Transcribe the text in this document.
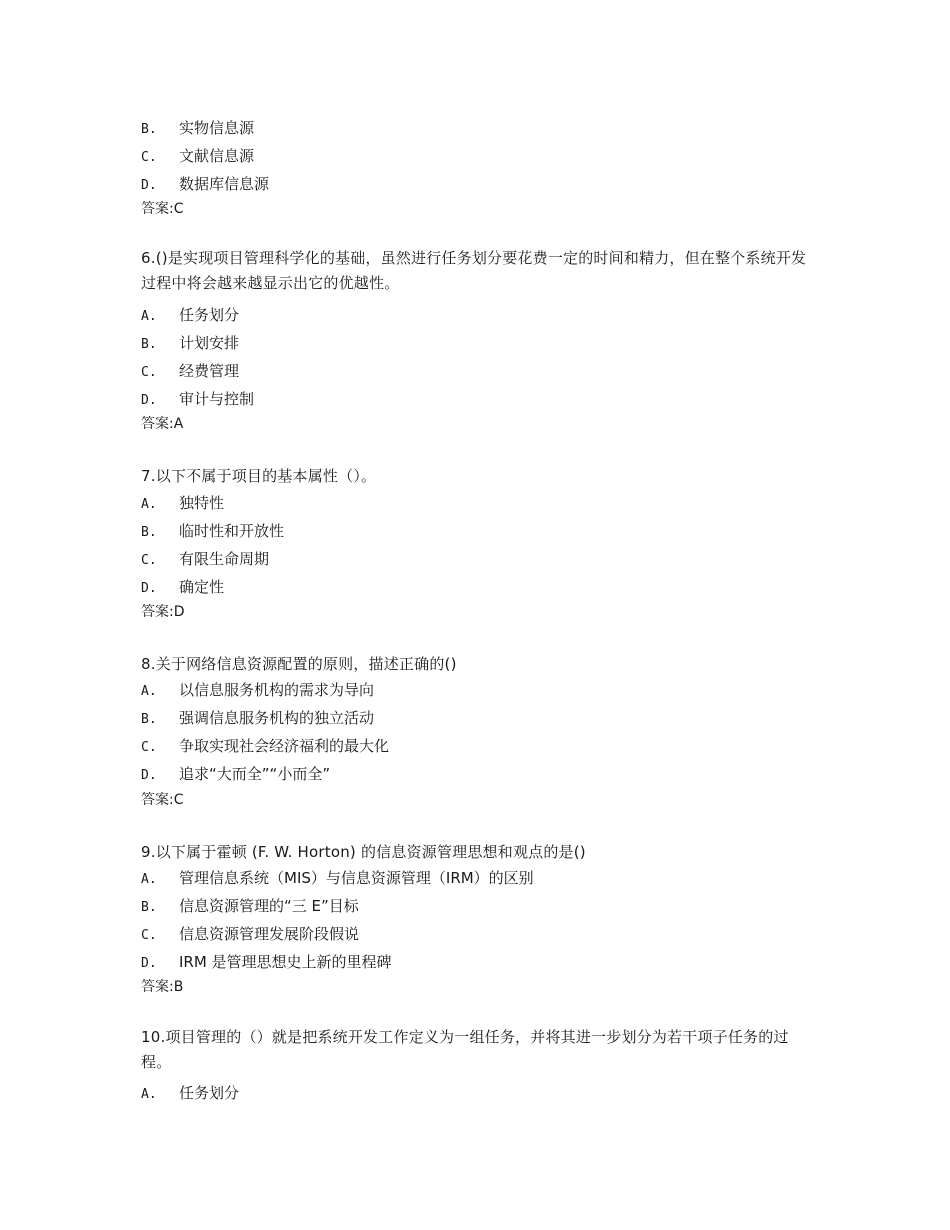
B. 实物信息源
C. 文献信息源
D. 数据库信息源
答案:C
6.()是实现项目管理科学化的基础，虽然进行任务划分要花费一定的时间和精力，但在整个系统开发过程中将会越来越显示出它的优越性。
A. 任务划分
B. 计划安排
C. 经费管理
D. 审计与控制
答案:A
7.以下不属于项目的基本属性（）。
A. 独特性
B. 临时性和开放性
C. 有限生命周期
D. 确定性
答案:D
8.关于网络信息资源配置的原则，描述正确的()
A. 以信息服务机构的需求为导向
B. 强调信息服务机构的独立活动
C. 争取实现社会经济福利的最大化
D. 追求“大而全”“小而全”
答案:C
9.以下属于霍顿 (F. W. Horton) 的信息资源管理思想和观点的是()
A. 管理信息系统（MIS）与信息资源管理（IRM）的区别
B. 信息资源管理的“三 E”目标
C. 信息资源管理发展阶段假说
D. IRM 是管理思想史上新的里程碑
答案:B
10.项目管理的（）就是把系统开发工作定义为一组任务，并将其进一步划分为若干项子任务的过程。
A. 任务划分
